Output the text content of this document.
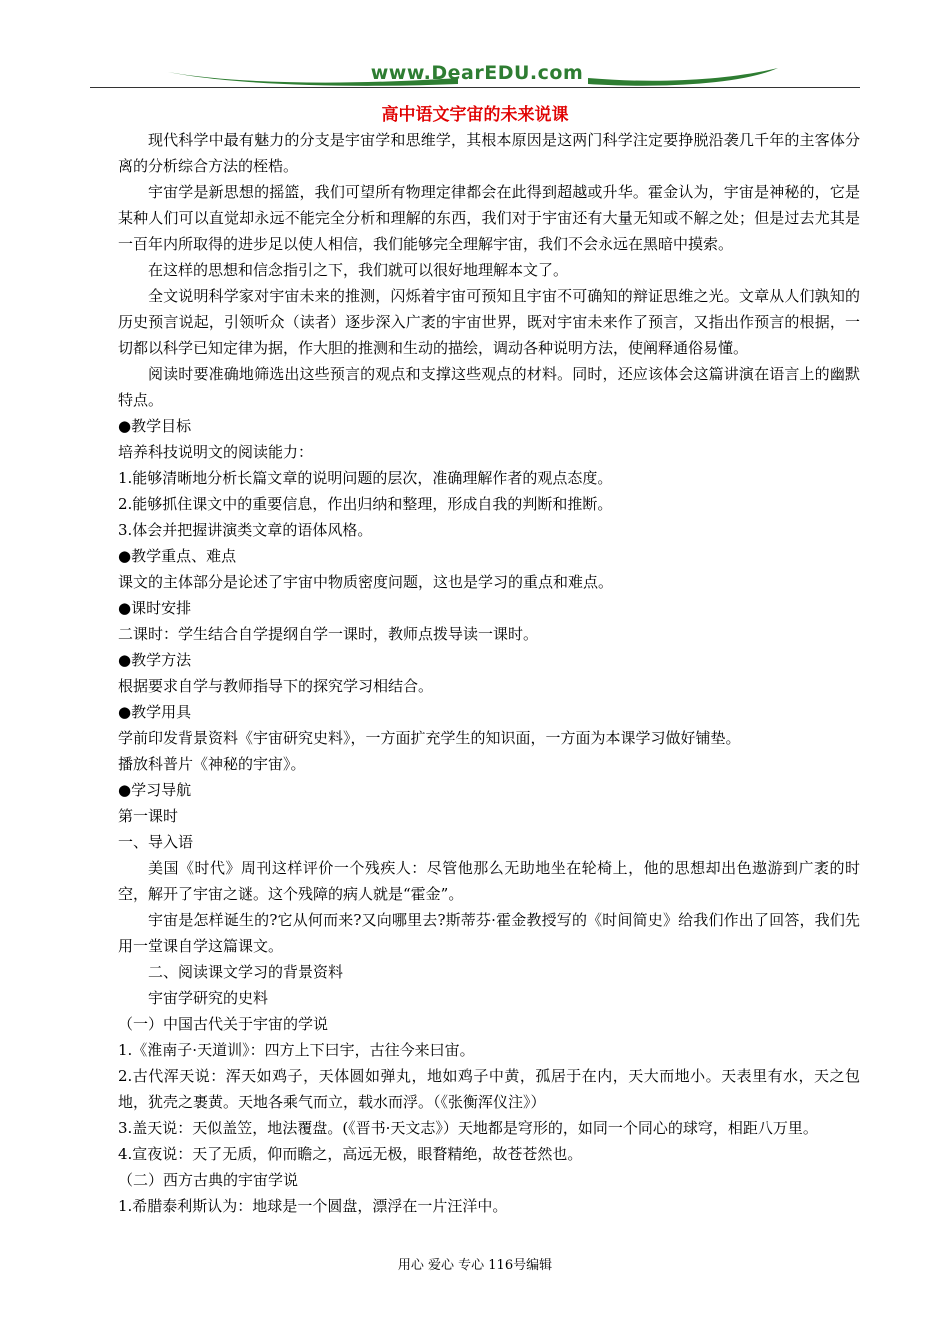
www.DearEDU.com
高中语文宇宙的未来说课

现代科学中最有魅力的分支是宇宙学和思维学，其根本原因是这两门科学注定要挣脱沿袭几千年的主客体分离的分析综合方法的桎梏。

宇宙学是新思想的摇篮，我们可望所有物理定律都会在此得到超越或升华。霍金认为，宇宙是神秘的，它是某种人们可以直觉却永远不能完全分析和理解的东西，我们对于宇宙还有大量无知或不解之处；但是过去尤其是一百年内所取得的进步足以使人相信，我们能够完全理解宇宙，我们不会永远在黑暗中摸索。

在这样的思想和信念指引之下，我们就可以很好地理解本文了。

全文说明科学家对宇宙未来的推测，闪烁着宇宙可预知且宇宙不可确知的辩证思维之光。文章从人们孰知的历史预言说起，引领听众（读者）逐步深入广袤的宇宙世界，既对宇宙未来作了预言，又指出作预言的根据，一切都以科学已知定律为据，作大胆的推测和生动的描绘，调动各种说明方法，使阐释通俗易懂。

阅读时要准确地筛选出这些预言的观点和支撑这些观点的材料。同时，还应该体会这篇讲演在语言上的幽默特点。

●教学目标

培养科技说明文的阅读能力：

1.能够清晰地分析长篇文章的说明问题的层次，准确理解作者的观点态度。

2.能够抓住课文中的重要信息，作出归纳和整理，形成自我的判断和推断。

3.体会并把握讲演类文章的语体风格。

●教学重点、难点

课文的主体部分是论述了宇宙中物质密度问题，这也是学习的重点和难点。

●课时安排

二课时：学生结合自学提纲自学一课时，教师点拨导读一课时。

●教学方法

根据要求自学与教师指导下的探究学习相结合。

●教学用具

学前印发背景资料《宇宙研究史料》，一方面扩充学生的知识面，一方面为本课学习做好铺垫。

播放科普片《神秘的宇宙》。

●学习导航

第一课时

一、导入语

美国《时代》周刊这样评价一个残疾人：尽管他那么无助地坐在轮椅上，他的思想却出色遨游到广袤的时空，解开了宇宙之谜。这个残障的病人就是“霍金”。

宇宙是怎样诞生的?它从何而来?又向哪里去?斯蒂芬·霍金教授写的《时间简史》给我们作出了回答，我们先用一堂课自学这篇课文。

二、阅读课文学习的背景资料

宇宙学研究的史料

（一）中国古代关于宇宙的学说

1.《淮南子·天道训》：四方上下曰宇，古往今来曰宙。

2.古代浑天说：浑天如鸡子，天体圆如弹丸，地如鸡子中黄，孤居于在内，天大而地小。天表里有水，天之包地，犹壳之裹黄。天地各乘气而立，载水而浮。（《张衡浑仪注》）

3.盖天说：天似盖笠，地法覆盘。(《晋书·天文志》）天地都是穹形的，如同一个同心的球穹，相距八万里。

4.宣夜说：天了无质，仰而瞻之，高远无极，眼瞀精绝，故苍苍然也。

（二）西方古典的宇宙学说

1.希腊泰利斯认为：地球是一个圆盘，漂浮在一片汪洋中。

用心 爱心 专心 116号编辑
